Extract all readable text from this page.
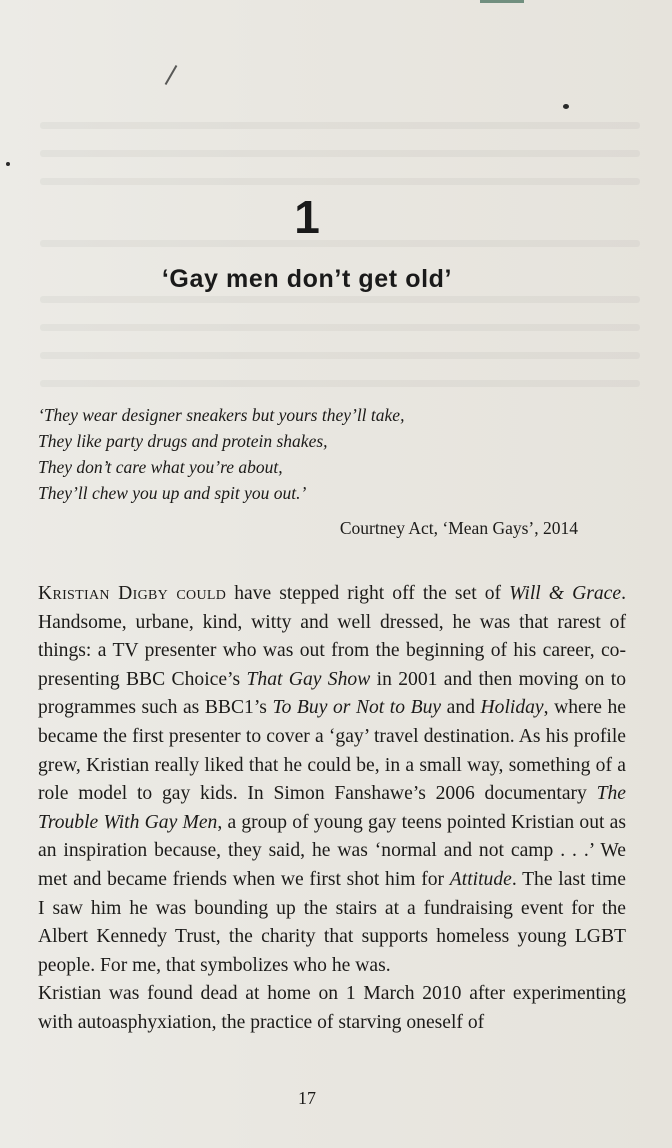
1
‘Gay men don’t get old’
‘They wear designer sneakers but yours they’ll take,
They like party drugs and protein shakes,
They don’t care what you’re about,
They’ll chew you up and spit you out.’
Courtney Act, ‘Mean Gays’, 2014

Kristian Digby could have stepped right off the set of Will & Grace. Handsome, urbane, kind, witty and well dressed, he was that rarest of things: a TV presenter who was out from the beginning of his career, co-presenting BBC Choice’s That Gay Show in 2001 and then moving on to programmes such as BBC1’s To Buy or Not to Buy and Holiday, where he became the first presenter to cover a ‘gay’ travel destination. As his profile grew, Kristian really liked that he could be, in a small way, something of a role model to gay kids. In Simon Fanshawe’s 2006 documentary The Trouble With Gay Men, a group of young gay teens pointed Kristian out as an inspiration because, they said, he was ‘normal and not camp . . .’ We met and became friends when we first shot him for Attitude. The last time I saw him he was bounding up the stairs at a fundraising event for the Albert Kennedy Trust, the charity that supports homeless young LGBT people. For me, that symbolizes who he was.

Kristian was found dead at home on 1 March 2010 after experimenting with autoasphyxiation, the practice of starving oneself of

17
